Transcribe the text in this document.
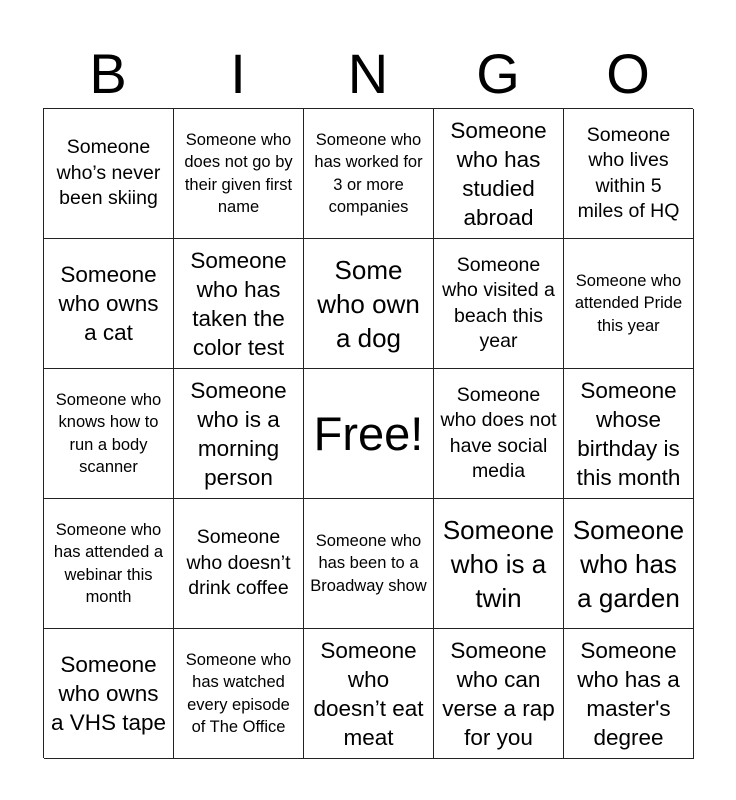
B	I	N	G	O
Someone who’s never been skiing
Someone who does not go by their given first name
Someone who has worked for 3 or more companies
Someone who has studied abroad
Someone who lives within 5 miles of HQ
Someone who owns a cat
Someone who has taken the color test
Some who own a dog
Someone who visited a beach this year
Someone who attended Pride this year
Someone who knows how to run a body scanner
Someone who is a morning person
Free!
Someone who does not have social media
Someone whose birthday is this month
Someone who has attended a webinar this month
Someone who doesn’t drink coffee
Someone who has been to a Broadway show
Someone who is a twin
Someone who has a garden
Someone who owns a VHS tape
Someone who has watched every episode of The Office
Someone who doesn’t eat meat
Someone who can verse a rap for you
Someone who has a master's degree
